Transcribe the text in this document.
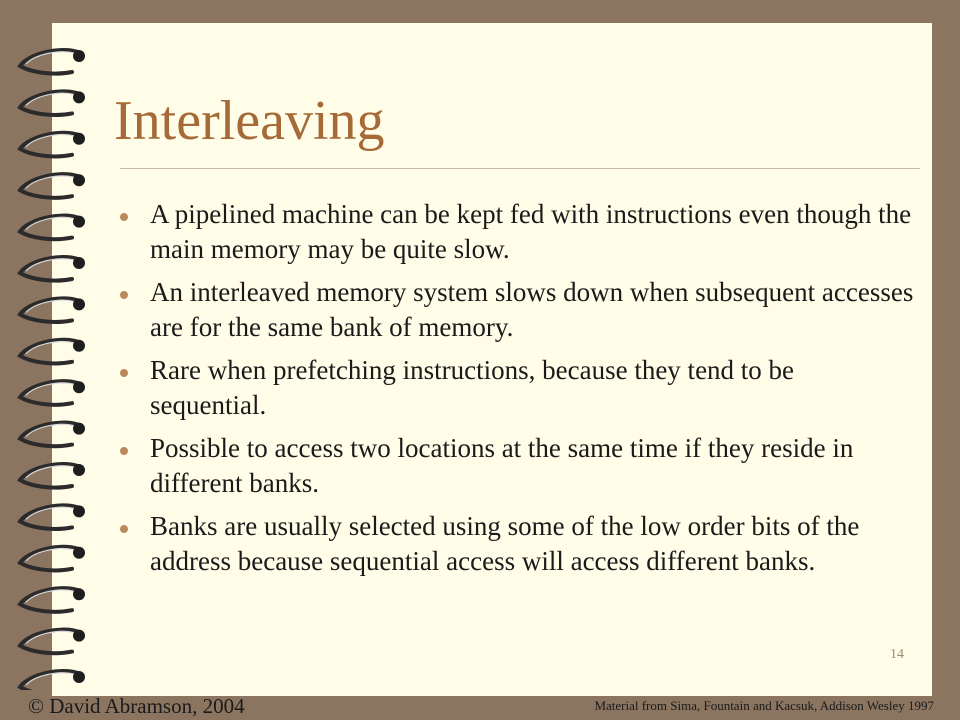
Interleaving
A pipelined machine can be kept fed with instructions even though the main memory may be quite slow.
An interleaved memory system slows down when subsequent accesses are for the same bank of memory.
Rare when prefetching instructions, because they tend to be sequential.
Possible to access two locations at the same time if they reside in different banks.
Banks are usually selected using some of the low order bits of the address because sequential access will access different banks.
14
© David Abramson, 2004	Material from Sima, Fountain and Kacsuk, Addison Wesley 1997
